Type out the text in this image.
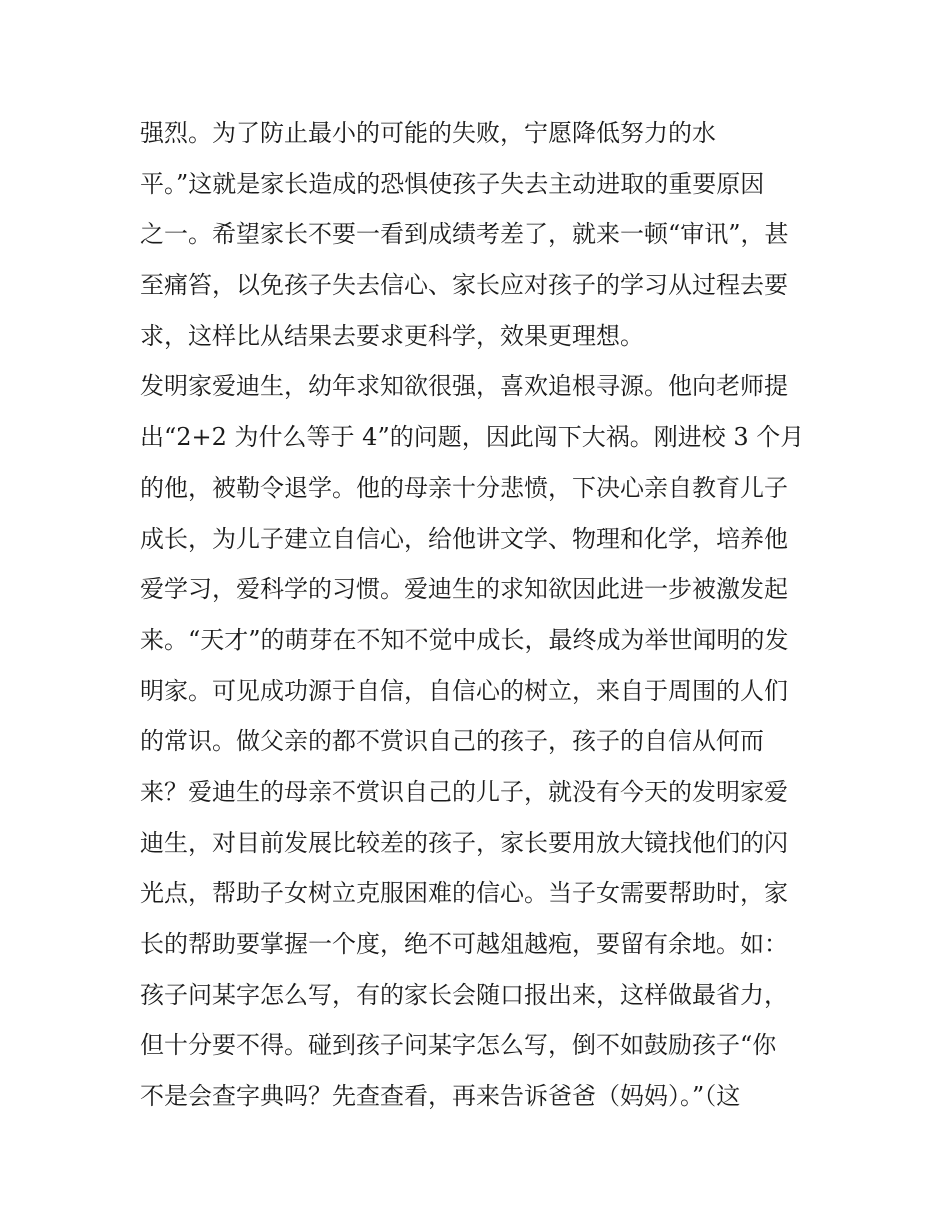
强烈。为了防止最小的可能的失败，宁愿降低努力的水
平。”这就是家长造成的恐惧使孩子失去主动进取的重要原因
之一。希望家长不要一看到成绩考差了，就来一顿“审讯”，甚
至痛笞，以免孩子失去信心、家长应对孩子的学习从过程去要
求，这样比从结果去要求更科学，效果更理想。
发明家爱迪生，幼年求知欲很强，喜欢追根寻源。他向老师提
出“2+2 为什么等于 4”的问题，因此闯下大祸。刚进校 3 个月
的他，被勒令退学。他的母亲十分悲愤，下决心亲自教育儿子
成长，为儿子建立自信心，给他讲文学、物理和化学，培养他
爱学习，爱科学的习惯。爱迪生的求知欲因此进一步被激发起
来。“天才”的萌芽在不知不觉中成长，最终成为举世闻明的发
明家。可见成功源于自信，自信心的树立，来自于周围的人们
的常识。做父亲的都不赏识自己的孩子，孩子的自信从何而
来？爱迪生的母亲不赏识自己的儿子，就没有今天的发明家爱
迪生，对目前发展比较差的孩子，家长要用放大镜找他们的闪
光点，帮助子女树立克服困难的信心。当子女需要帮助时，家
长的帮助要掌握一个度，绝不可越俎越疱，要留有余地。如：
孩子问某字怎么写，有的家长会随口报出来，这样做最省力，
但十分要不得。碰到孩子问某字怎么写，倒不如鼓励孩子“你
不是会查字典吗？先查查看，再来告诉爸爸（妈妈）。”（这
